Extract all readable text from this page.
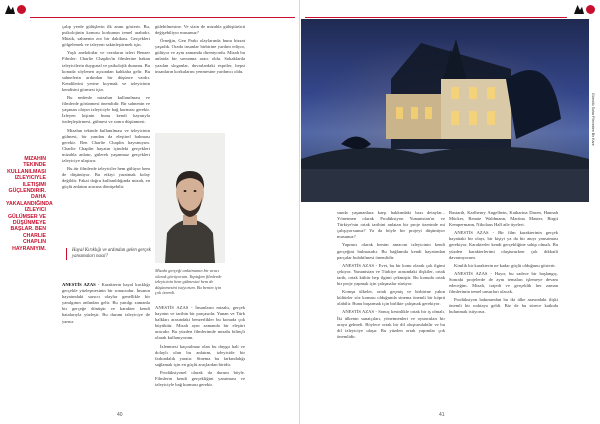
MIZAHIN TEKINDE KULLANILMASI IZLEYICIYLE ILETIŞIMI GÜÇLENDIRIR. DAHA YAKALANDIĞINDA IZLEYICI GÜLÜMSER VE DÜŞÜNMEYE BAŞLAR. BEN CHARLIE CHAPLIN HAYRANIYIM.

çalıp yerde gülüşlerin ilk anını gösterir. Bu, psikolojinin konusu korkunun temel arabıdır. Müzik, sahnenin zor bir dakikası. Gerçekleri gölgelemek ve izleyeni sakinleştirmek için.

Yaşlı anekdotlar ve cezaların izleri Benzer Filmler: Charlie Chaplin'in filmlerine bakan izleyicilerin duygusal ve psikolojik durumu. Bu konuda söylenen açısından kahkaha gelir. Bu sahnelerin ardından bir düşünce vardır. Kendilerini yerine koymak ve izleyicinin kendisini görmesi için.

Bu nedenle mizahın kullanılması ve filmlerde görünmesi önemlidir. Bir sahnenin ve yaşanan olayın izleyiciyle bağ kurması gerekir. İzleyen kişinin bunu kendi hayatıyla özdeşleştirmesi, gülmesi ve sonra düşünmesi.

Mizahın tekinde kullanılması ve izleyicinin gülmesi, bir yandan da eleştirel bakması gerekir. Ben Charlie Chaplin hayranıyım. Charlie Chaplin hayatın içindeki gerçekleri mizahla anlatır, gülerek yaşanmaz gerçekleri izleyiciye ulaştırır.

Bu tür filmlerde izleyiciler hem gülüyor hem de düşünüyor. Bu etkiyi yaratmak kolay değildir. Fakat doğru kullanıldığında mizah, en güçlü anlatım aracına dönüşebilir.

Hayal Kırıklığı ve ardından gelen gerçek yansımaları nasıl?

ANESTİS AZAS - Karakterin hayal kırıklığı gerçekle yüzleşmesinin bir sonucudur. İnsanın hayatındaki sarsıcı olaylar genellikle bir yanılgının ardından gelir. Bu yanılgı zamanla bir gerçeğe dönüşür ve karakter kendi hatalarıyla yüzleşir. Bu durum izleyiciye de yansır.

gülebilmesine. Ve sizin de mizahla gülüştürücü değişebiliyor musunuz?

Örneğin, Gen Parkı olaylarında bunu bizzat yaşadık. Orada insanlar birbirine yardım ediyor, gülüyor ve aynı zamanda direniyordu. Mizah bu anlarda bir savunma aracı oldu. Sokaklarda yazılan sloganlar, duvarlardaki espriler, hepsi insanların korkularını yenmesine yardımcı oldu.

Mizahı gerçeği anlatmanın bir aracı olarak görüyorum. Yaptığım filmlerde izleyicinin hem gülmesini hem de düşünmesini istiyorum. Bu benim için çok önemli.

ANESTİS AZAS - İnsanların mizahı, gerçek hayatın ve tarihin bir parçasıdır. Yunan ve Türk halkları arasındaki benzerlikler bu konuda çok büyüktür. Mizah aynı zamanda bir eleştiri aracıdır. Bu yüzden filmlerimde mizahı bilinçli olarak kullanıyorum.

İzlenmesi kaçınılmaz olan bu duygu hali ve dolaylı olan bu anlatım, izleyicide bir farkındalık yaratır. Sinema bu farkındalığı sağlamak için en güçlü araçlardan biridir.

Prodüksiyonel olarak da durum böyle. Filmlerin kendi gerçekliğini yaratması ve izleyiciyle bağ kurması gerekir.

40
Gömülü Sırlar Filminden Bir Kare

sunda yaşananlara karşı hakkındaki bazı detaylar... Yönetmen olarak Prodüksiyon Yunanistan'ın ve Türkiye'nin ortak tarihini anlatan bir proje üzerinde mi çalışıyorsunuz? Ya da böyle bir projeyi düşünüyor musunuz?

Yapımcı olarak benim amacım izleyicinin kendi gerçeğini bulmasıdır. Bu bağlamda kendi hayatından parçalar bulabilmesi önemlidir.

ANESTİS AZAS - Evet, bu bir konu olarak çok ilgimi çekiyor. Yunanistan ve Türkiye arasındaki ilişkiler, ortak tarih, ortak kültür hep ilgimi çekmiştir. Bu konuda ortak bir proje yapmak için çalışmalar sürüyor.

Komşu ülkeler, ortak geçmiş ve birbirine yakın kültürler söz konusu olduğunda sinema önemli bir köprü olabilir. Bunu başarmak için birlikte çalışmak gerekiyor.

ANESTİS AZAS - Sonuç kesinlikle ortak bir iş olmalı. İki ülkenin sanatçıları, yönetmenleri ve oyuncuları bir araya gelmeli. Böylece ortak bir dil oluşturulabilir ve bu dil izleyiciye ulaşır. Bu yüzden ortak yapımlar çok önemlidir.

Bastarih, Karlhenry Angelhein, Katharina Dasen, Hannah Mücker, Renate Waldmann, Martina Mauter, Birgit Kempermann, Nikolaus Hall aile üyeleri.

ANESTİS AZAS - Bir film karakterinin gerçek hayattaki bir olayı, bir kişiyi ya da bir anıyı yansıtması gerekiyor. Karakterler kendi gerçekliğine sahip olmalı. Bu yüzden karakterlerimi oluştururken çok dikkatli davranıyorum.

Kimlik bir karakterin ne kadar güçlü olduğunu gösterir.

ANESTİS AZAS - Hayır, bu sadece bir başlangıç. Sonraki projelerde de aynı temaları işlemeye devam edeceğim. Mizah, trajedi ve gerçeklik her zaman filmlerimin temel unsurları olacak.

Prodüksiyon bakımından bu iki ülke arasındaki ilişki önemli bir noktaya geldi. Biz de bu sürece katkıda bulunmak istiyoruz.

41
